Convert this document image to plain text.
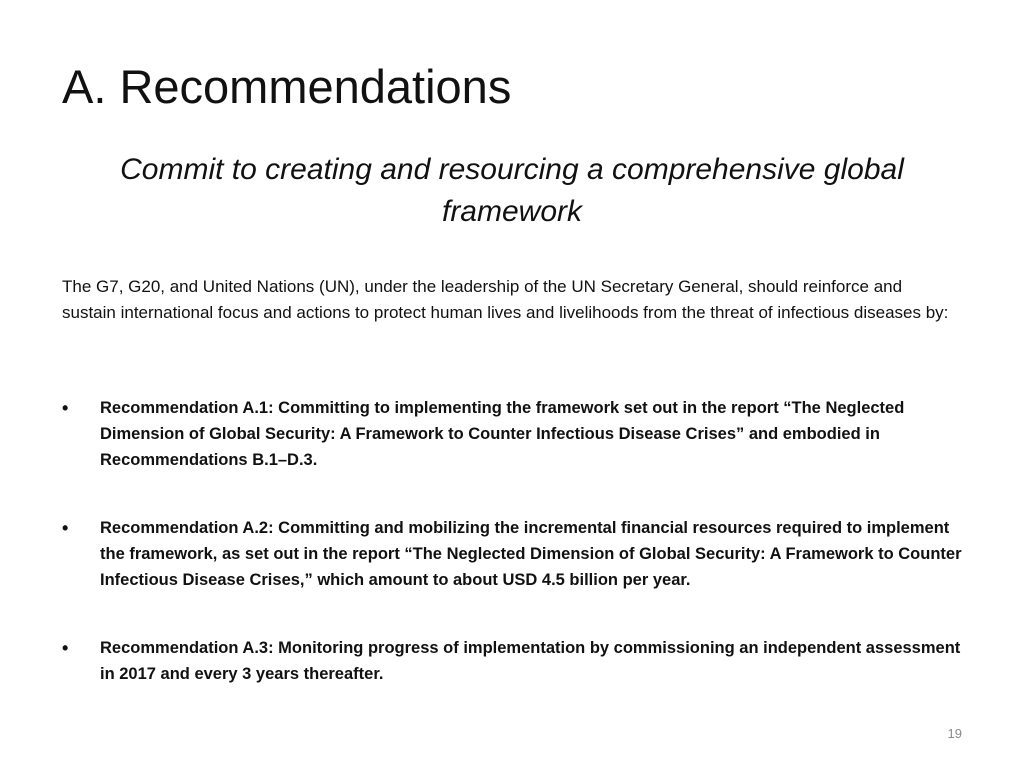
A. Recommendations

Commit to creating and resourcing a comprehensive global framework

The G7, G20, and United Nations (UN), under the leadership of the UN Secretary General, should reinforce and sustain international focus and actions to protect human lives and livelihoods from the threat of infectious diseases by:

•	Recommendation A.1: Committing to implementing the framework set out in the report “The Neglected Dimension of Global Security: A Framework to Counter Infectious Disease Crises” and embodied in Recommendations B.1–D.3.
•	Recommendation A.2: Committing and mobilizing the incremental financial resources required to implement the framework, as set out in the report “The Neglected Dimension of Global Security: A Framework to Counter Infectious Disease Crises,” which amount to about USD 4.5 billion per year.
•	Recommendation A.3: Monitoring progress of implementation by commissioning an independent assessment in 2017 and every 3 years thereafter.
19
